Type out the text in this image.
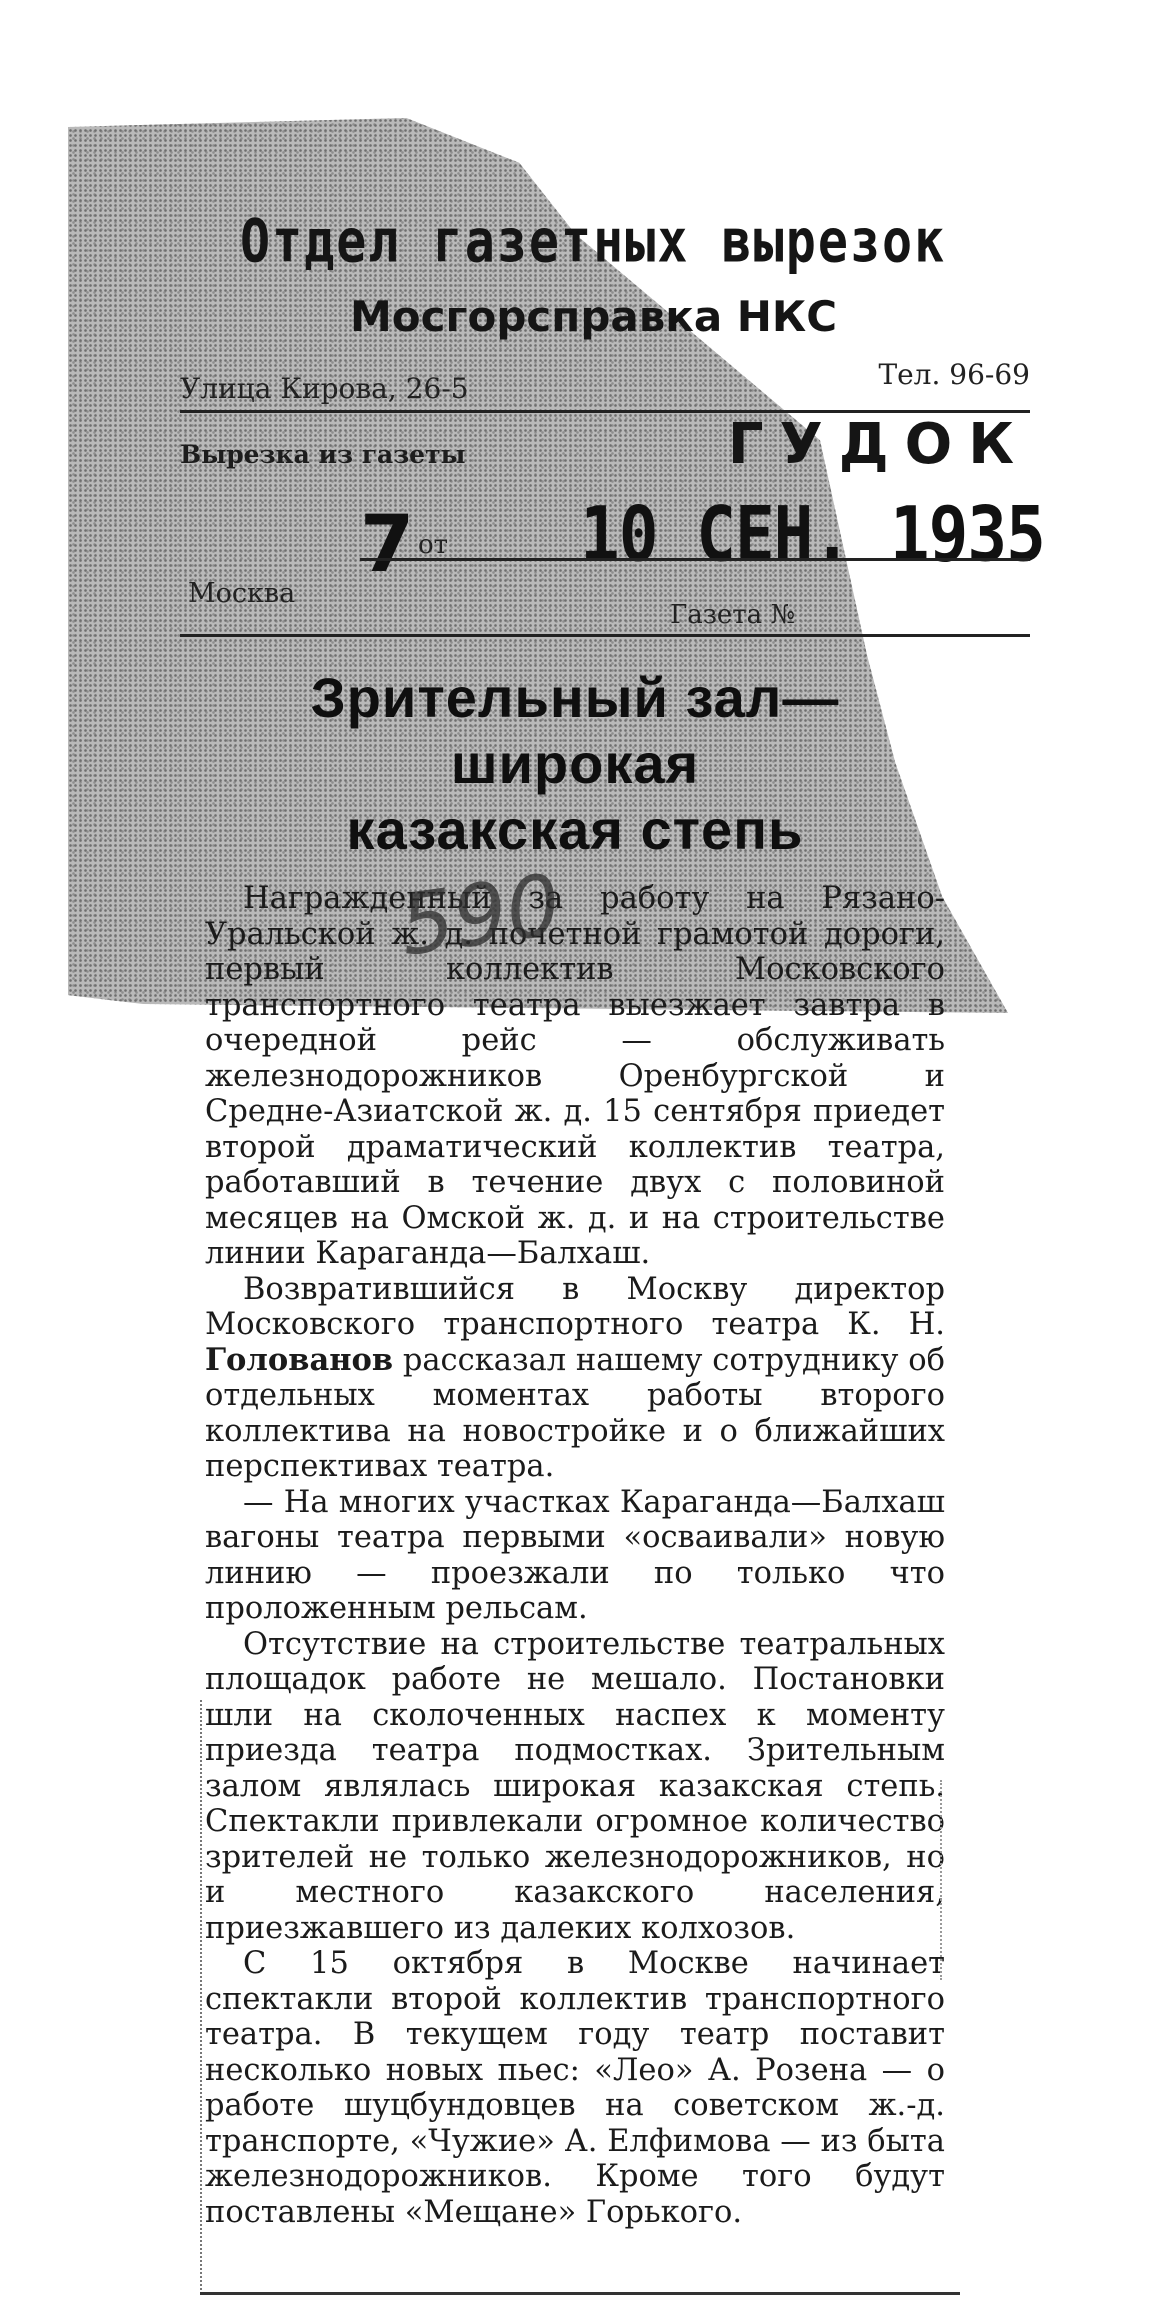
Отдел газетных вырезок
Мосгорсправка НКС
Улица Кирова, 26-5	Тел. 96-69
Вырезка из газеты	ГУДОК
7 от 10 СЕН. 1935
Москва
Газета №
Зрительный зал—
широкая
казакская степь

Награжденный за работу на Рязано-Уральской ж. д. почетной грамотой дороги, первый коллектив Московского транспортного театра выезжает завтра в очередной рейс — обслуживать железнодорожников Оренбургской и Средне-Азиатской ж. д. 15 сентября приедет второй драматический коллектив театра, работавший в течение двух с половиной месяцев на Омской ж. д. и на строительстве линии Караганда—Балхаш.

Возвратившийся в Москву директор Московского транспортного театра К. Н. Голованов рассказал нашему сотруднику об отдельных моментах работы второго коллектива на новостройке и о ближайших перспективах театра.

— На многих участках Караганда—Балхаш вагоны театра первыми «осваивали» новую линию — проезжали по только что проложенным рельсам.

Отсутствие на строительстве театральных площадок работе не мешало. Постановки шли на сколоченных наспех к моменту приезда театра подмостках. Зрительным залом являлась широкая казакская степь. Спектакли привлекали огромное количество зрителей не только железнодорожников, но и местного казакского населения, приезжавшего из далеких колхозов.

С 15 октября в Москве начинает спектакли второй коллектив транспортного театра. В текущем году театр поставит несколько новых пьес: «Лео» А. Розена — о работе шуцбундовцев на советском ж.-д. транспорте, «Чужие» А. Елфимова — из быта железнодорожников. Кроме того будут поставлены «Мещане» Горького.

590
